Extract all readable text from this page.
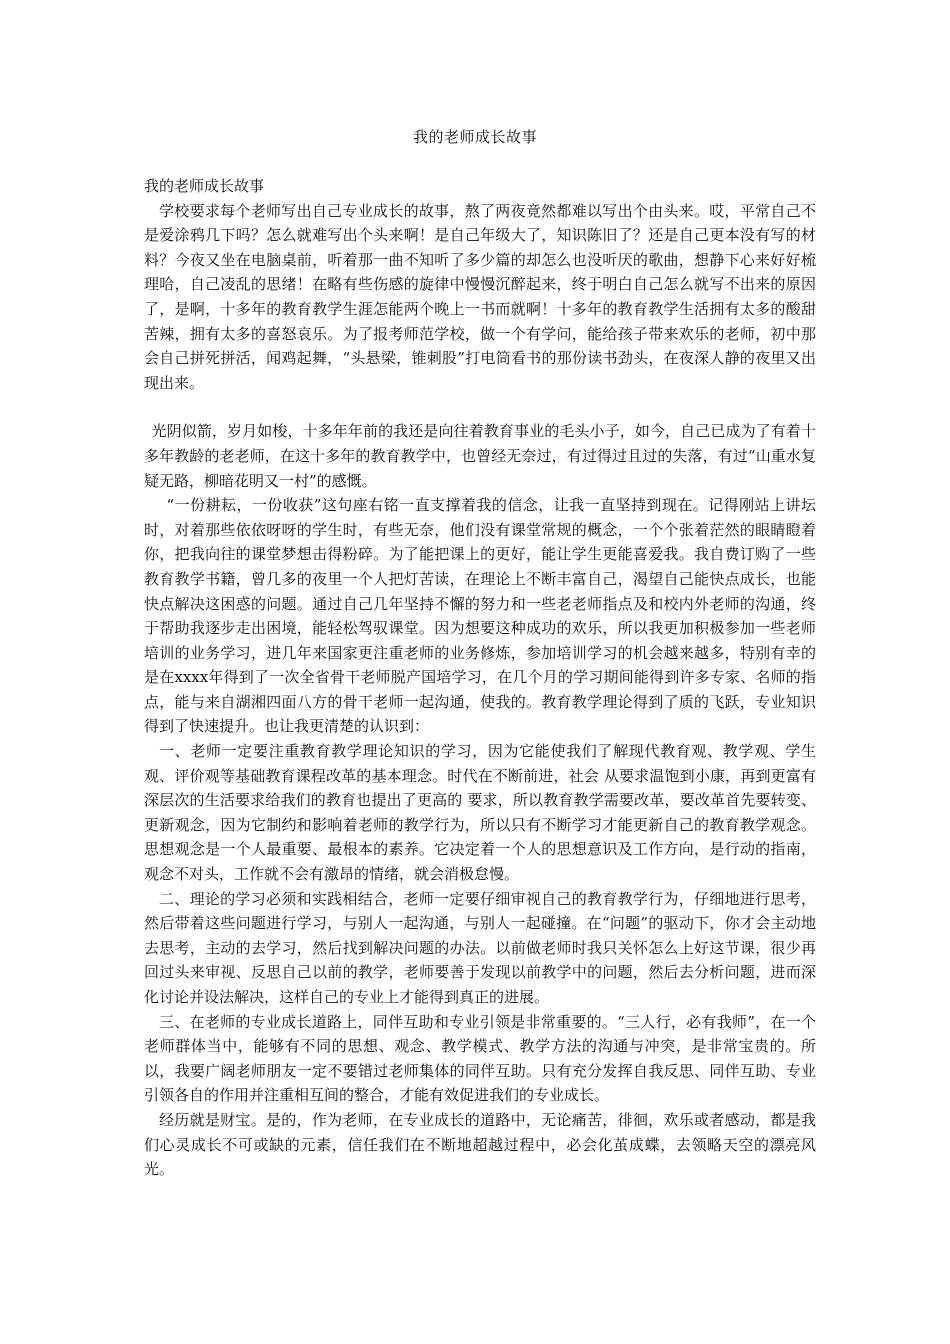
我的老师成长故事

我的老师成长故事

学校要求每个老师写出自己专业成长的故事，熬了两夜竟然都难以写出个由头来。哎，平常自己不是爱涂鸦几下吗？怎么就难写出个头来啊！是自己年级大了，知识陈旧了？还是自己更本没有写的材料？今夜又坐在电脑桌前，听着那一曲不知听了多少篇的却怎么也没听厌的歌曲，想静下心来好好梳理哈，自己凌乱的思绪！在略有些伤感的旋律中慢慢沉醉起来，终于明白自己怎么就写不出来的原因了，是啊，十多年的教育教学生涯怎能两个晚上一书而就啊！十多年的教育教学生活拥有太多的酸甜苦辣，拥有太多的喜怒哀乐。为了报考师范学校，做一个有学问，能给孩子带来欢乐的老师，初中那会自己拼死拼活，闻鸡起舞，“头悬梁，锥刺股”打电筒看书的那份读书劲头，在夜深人静的夜里又出现出来。

光阴似箭，岁月如梭，十多年年前的我还是向往着教育事业的毛头小子，如今，自己已成为了有着十多年教龄的老老师，在这十多年的教育教学中，也曾经无奈过，有过得过且过的失落，有过“山重水复疑无路，柳暗花明又一村”的感慨。

“一份耕耘，一份收获”这句座右铭一直支撑着我的信念，让我一直坚持到现在。记得刚站上讲坛时，对着那些依依呀呀的学生时，有些无奈，他们没有课堂常规的概念，一个个张着茫然的眼睛瞪着你，把我向往的课堂梦想击得粉碎。为了能把课上的更好，能让学生更能喜爱我。我自费订购了一些教育教学书籍，曾几多的夜里一个人把灯苦读，在理论上不断丰富自己，渴望自己能快点成长，也能快点解决这困惑的问题。通过自己几年坚持不懈的努力和一些老老师指点及和校内外老师的沟通，终于帮助我逐步走出困境，能轻松驾驭课堂。因为想要这种成功的欢乐，所以我更加积极参加一些老师培训的业务学习，进几年来国家更注重老师的业务修炼，参加培训学习的机会越来越多，特别有幸的是在xxxx年得到了一次全省骨干老师脱产国培学习，在几个月的学习期间能得到许多专家、名师的指点，能与来自湖湘四面八方的骨干老师一起沟通，使我的。教育教学理论得到了质的飞跃，专业知识得到了快速提升。也让我更清楚的认识到：

一、老师一定要注重教育教学理论知识的学习，因为它能使我们了解现代教育观、教学观、学生观、评价观等基础教育课程改革的基本理念。时代在不断前进，社会 从要求温饱到小康，再到更富有深层次的生活要求给我们的教育也提出了更高的 要求，所以教育教学需要改革，要改革首先要转变、更新观念，因为它制约和影响着老师的教学行为，所以只有不断学习才能更新自己的教育教学观念。思想观念是一个人最重要、最根本的素养。它决定着一个人的思想意识及工作方向，是行动的指南，观念不对头，工作就不会有激昂的情绪，就会消极怠慢。

二、理论的学习必须和实践相结合，老师一定要仔细审视自己的教育教学行为，仔细地进行思考，然后带着这些问题进行学习，与别人一起沟通，与别人一起碰撞。在“问题”的驱动下，你才会主动地去思考，主动的去学习，然后找到解决问题的办法。以前做老师时我只关怀怎么上好这节课，很少再回过头来审视、反思自己以前的教学，老师要善于发现以前教学中的问题，然后去分析问题，进而深化讨论并设法解决，这样自己的专业上才能得到真正的进展。

三、在老师的专业成长道路上，同伴互助和专业引领是非常重要的。“三人行，必有我师”，在一个老师群体当中，能够有不同的思想、观念、教学模式、教学方法的沟通与冲突，是非常宝贵的。所以，我要广阔老师朋友一定不要错过老师集体的同伴互助。只有充分发挥自我反思、同伴互助、专业引领各自的作用并注重相互间的整合，才能有效促进我们的专业成长。

经历就是财宝。是的，作为老师，在专业成长的道路中，无论痛苦，徘徊，欢乐或者感动，都是我们心灵成长不可或缺的元素，信任我们在不断地超越过程中，必会化茧成蝶，去领略天空的漂亮风光。
